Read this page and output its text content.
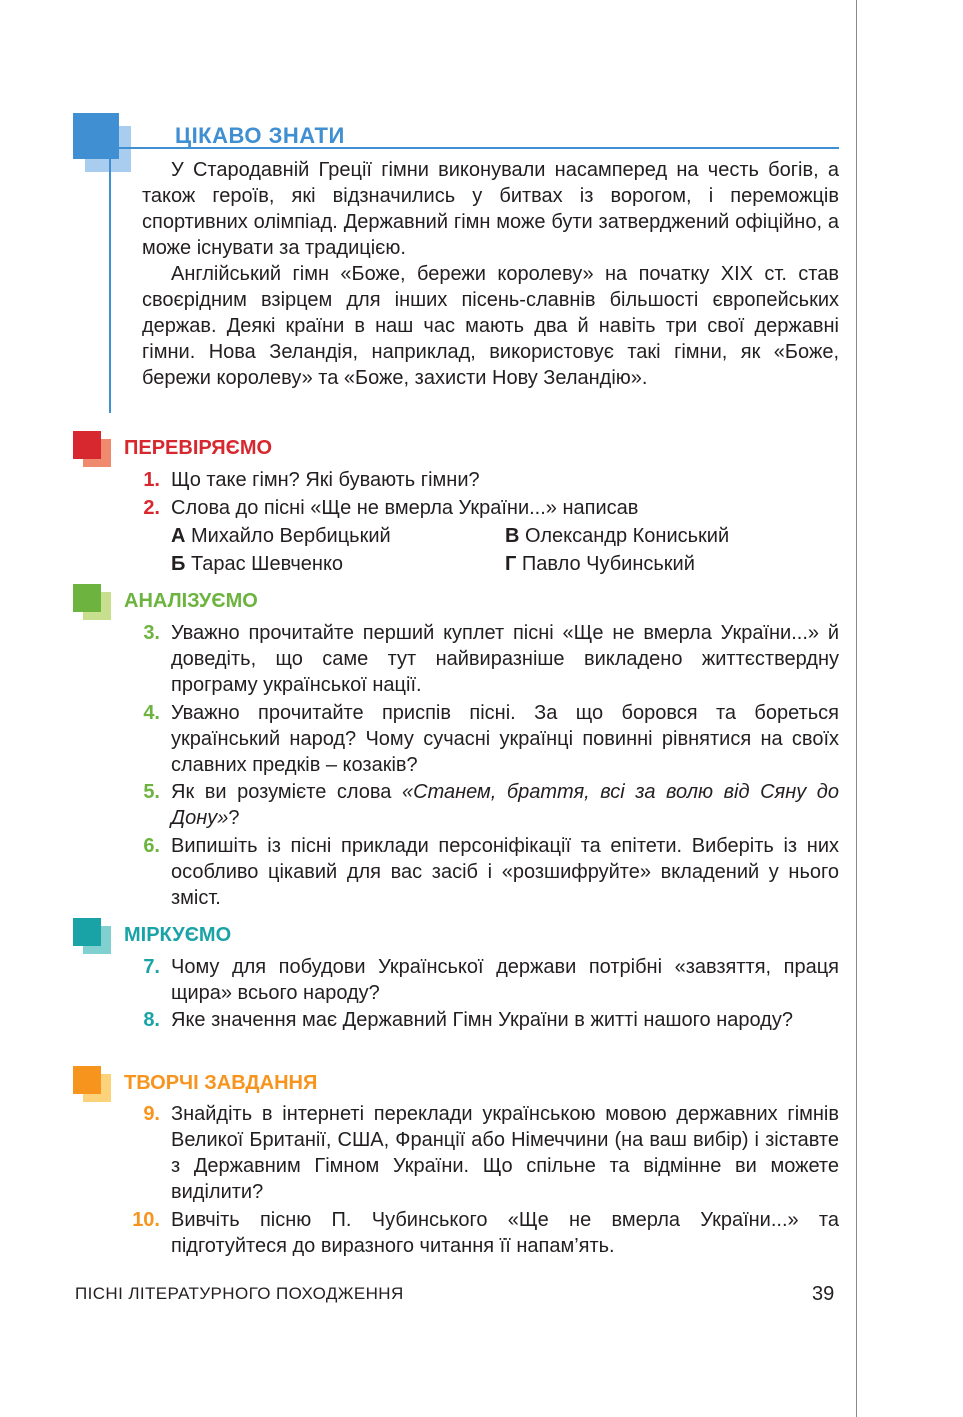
ЦІКАВО ЗНАТИ

У Стародавній Греції гімни виконували насамперед на честь богів, а також героїв, які відзначились у битвах із ворогом, і переможців спортивних олімпіад. Державний гімн може бути затверджений офіційно, а може існувати за традицією.

Англійський гімн «Боже, бережи королеву» на початку XIX ст. став своєрідним взірцем для інших пісень-славнів більшості європейських держав. Деякі країни в наш час мають два й навіть три свої державні гімни. Нова Зеландія, наприклад, використовує такі гімни, як «Боже, бережи королеву» та «Боже, захисти Нову Зеландію».

ПЕРЕВІРЯЄМО
1. Що таке гімн? Які бувають гімни?
2. Слова до пісні «Ще не вмерла України...» написав
А Михайло Вербицький	В Олександр Кониський
Б Тарас Шевченко	Г Павло Чубинський
АНАЛІЗУЄМО
3. Уважно прочитайте перший куплет пісні «Ще не вмерла України...» й доведіть, що саме тут найвиразніше викладено життєствердну програму української нації.
4. Уважно прочитайте приспів пісні. За що боровся та бореться український народ? Чому сучасні українці повинні рівнятися на своїх славних предків – козаків?
5. Як ви розумієте слова «Станем, браття, всі за волю від Сяну до Дону»?
6. Випишіть із пісні приклади персоніфікації та епітети. Виберіть із них особливо цікавий для вас засіб і «розшифруйте» вкладений у нього зміст.
МІРКУЄМО
7. Чому для побудови Української держави потрібні «завзяття, праця щира» всього народу?
8. Яке значення має Державний Гімн України в житті нашого народу?
ТВОРЧІ ЗАВДАННЯ
9. Знайдіть в інтернеті переклади українською мовою державних гімнів Великої Британії, США, Франції або Німеччини (на ваш вибір) і зіставте з Державним Гімном України. Що спільне та відмінне ви можете виділити?
10. Вивчіть пісню П. Чубинського «Ще не вмерла України...» та підготуйтеся до виразного читання її напам’ять.
ПІСНІ ЛІТЕРАТУРНОГО ПОХОДЖЕННЯ	39
